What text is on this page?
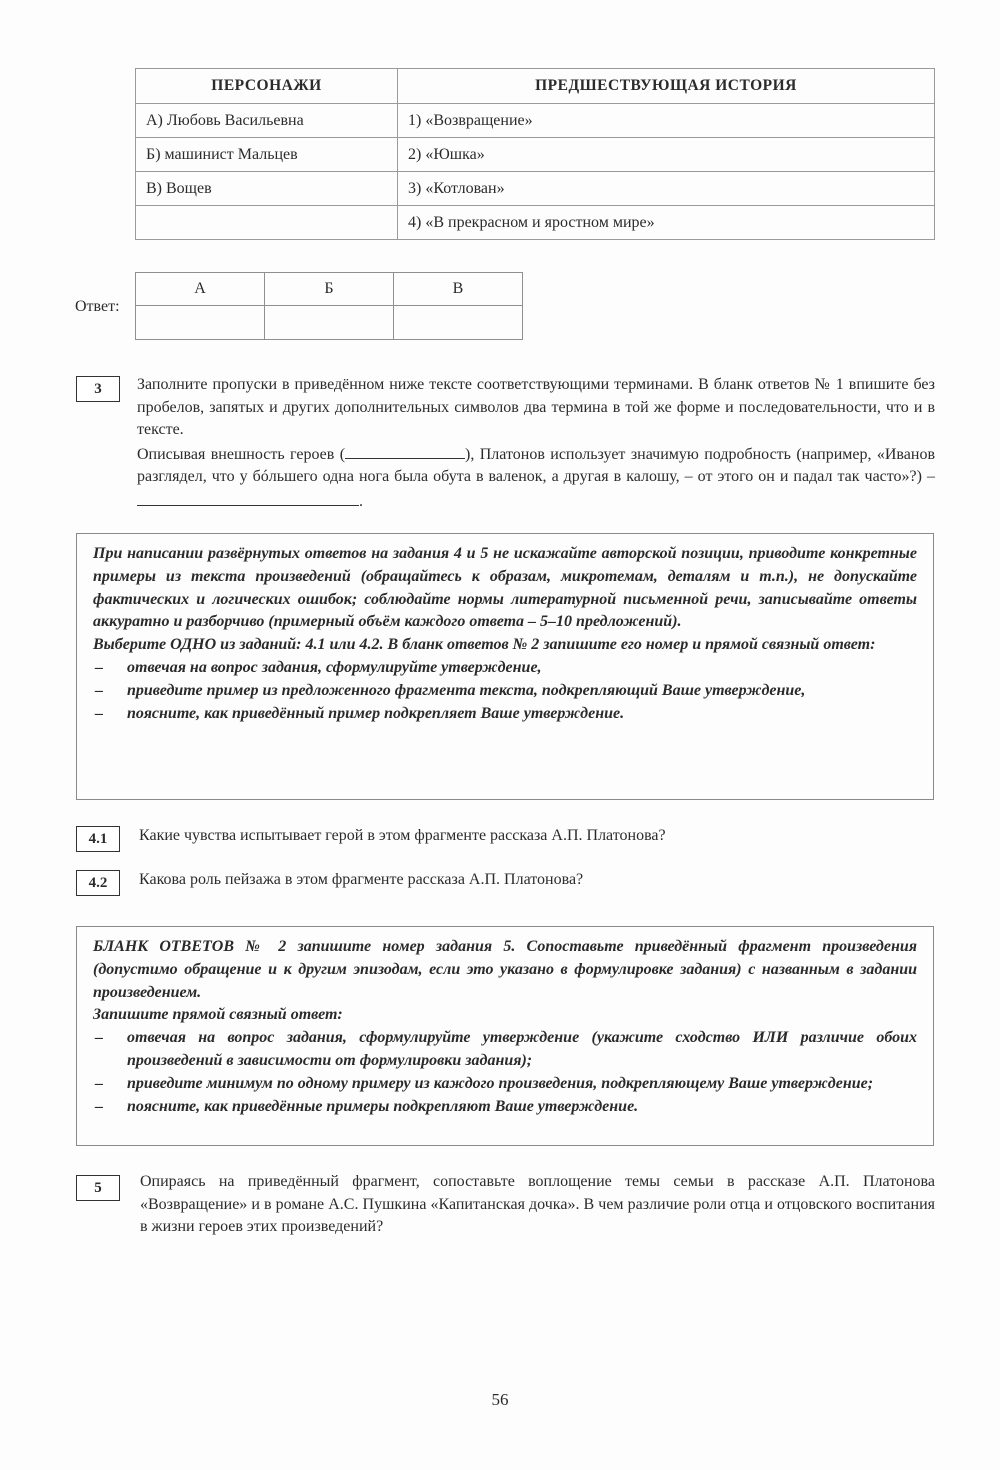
ПЕРСОНАЖИ	ПРЕДШЕСТВУЮЩАЯ ИСТОРИЯ
А) Любовь Васильевна	1) «Возвращение»
Б) машинист Мальцев	2) «Юшка»
В) Вощев	3) «Котлован»
	4) «В прекрасном и яростном мире»
Ответ:
А	Б	В

3	Заполните пропуски в приведённом ниже тексте соответствующими терминами. В бланк ответов № 1 впишите без пробелов, запятых и других дополнительных символов два термина в той же форме и последовательности, что и в тексте.
Описывая внешность героев (	), Платонов использует значимую подробность (например, «Иванов разглядел, что у бóльшего одна нога была обута в валенок, а другая в калошу, – от этого он и падал так часто»?) – .

При написании развёрнутых ответов на задания 4 и 5 не искажайте авторской позиции, приводите конкретные примеры из текста произведений (обращайтесь к образам, микротемам, деталям и т.п.), не допускайте фактических и логических ошибок; соблюдайте нормы литературной письменной речи, записывайте ответы аккуратно и разборчиво (примерный объём каждого ответа – 5–10 предложений).

Выберите ОДНО из заданий: 4.1 или 4.2. В бланк ответов № 2 запишите его номер и прямой связный ответ:

– отвечая на вопрос задания, сформулируйте утверждение,
– приведите пример из предложенного фрагмента текста, подкрепляющий Ваше утверждение,
– поясните, как приведённый пример подкрепляет Ваше утверждение.
4.1	Какие чувства испытывает герой в этом фрагменте рассказа А.П. Платонова?
4.2	Какова роль пейзажа в этом фрагменте рассказа А.П. Платонова?

БЛАНК ОТВЕТОВ № 2 запишите номер задания 5. Сопоставьте приведённый фрагмент произведения (допустимо обращение и к другим эпизодам, если это указано в формулировке задания) с названным в задании произведением.

Запишите прямой связный ответ:

– отвечая на вопрос задания, сформулируйте утверждение (укажите сходство ИЛИ различие обоих произведений в зависимости от формулировки задания);
– приведите минимум по одному примеру из каждого произведения, подкрепляющему Ваше утверждение;
– поясните, как приведённые примеры подкрепляют Ваше утверждение.
5	Опираясь на приведённый фрагмент, сопоставьте воплощение темы семьи в рассказе А.П. Платонова «Возвращение» и в романе А.С. Пушкина «Капитанская дочка». В чем различие роли отца и отцовского воспитания в жизни героев этих произведений?
56
